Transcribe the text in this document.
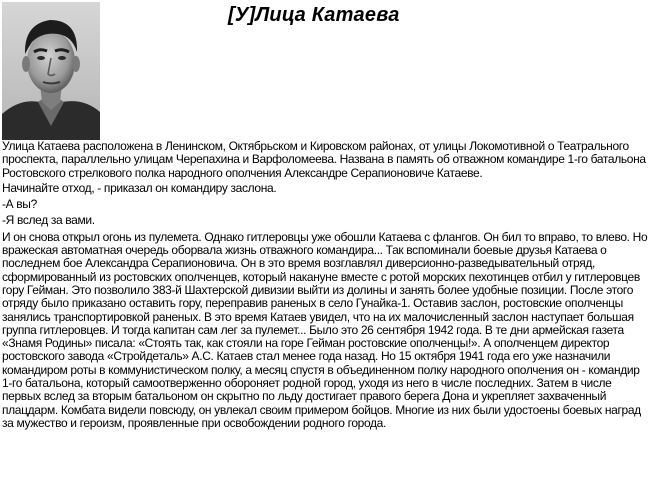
[У]Лица Катаева

Улица Катаева расположена в Ленинском, Октябрьском и Кировском районах, от улицы Локомотивной о Театрального проспекта, параллельно улицам Черепахина и Варфоломеева. Названа в память об отважном командире 1-го батальона Ростовского стрелкового полка народного ополчения Александре Серапионовиче Катаеве.

Начинайте отход, - приказал он командиру заслона.

-А вы?

-Я вслед за вами.

И он снова открыл огонь из пулемета. Однако гитлеровцы уже обошли Катаева с флангов. Он бил то вправо, то влево. Но вражеская автоматная очередь оборвала жизнь отважного командира... Так вспоминали боевые друзья Катаева о последнем бое Александра Серапионовича. Он в это время возглавлял диверсионно-разведывательный отряд, сформированный из ростовских ополченцев, который накануне вместе с ротой морских пехотинцев отбил у гитлеровцев гору Гейман. Это позволило 383-й Шахтерской дивизии выйти из долины и занять более удобные позиции. После этого отряду было приказано оставить гору, переправив раненых в село Гунайка-1. Оставив заслон, ростовские ополченцы занялись транспортировкой раненых. В это время Катаев увидел, что на их малочисленный заслон наступает большая группа гитлеровцев. И тогда капитан сам лег за пулемет... Было это 26 сентября 1942 года. В те дни армейская газета «Знамя Родины» писала: «Стоять так, как стояли на горе Гейман ростовские ополченцы!». А ополченцем директор ростовского завода «Стройдеталь» А.С. Катаев стал менее года назад. Но 15 октября 1941 года его уже назначили командиром роты в коммунистическом полку, а месяц спустя в объединенном полку народного ополчения он - командир 1-го батальона, который самоотверженно обороняет родной город, уходя из него в числе последних. Затем в числе первых вслед за вторым батальоном он скрытно по льду достигает правого берега Дона и укрепляет захваченный плацдарм. Комбата видели повсюду, он увлекал своим примером бойцов. Многие из них были удостоены боевых наград за мужество и героизм, проявленные при освобождении родного города.
